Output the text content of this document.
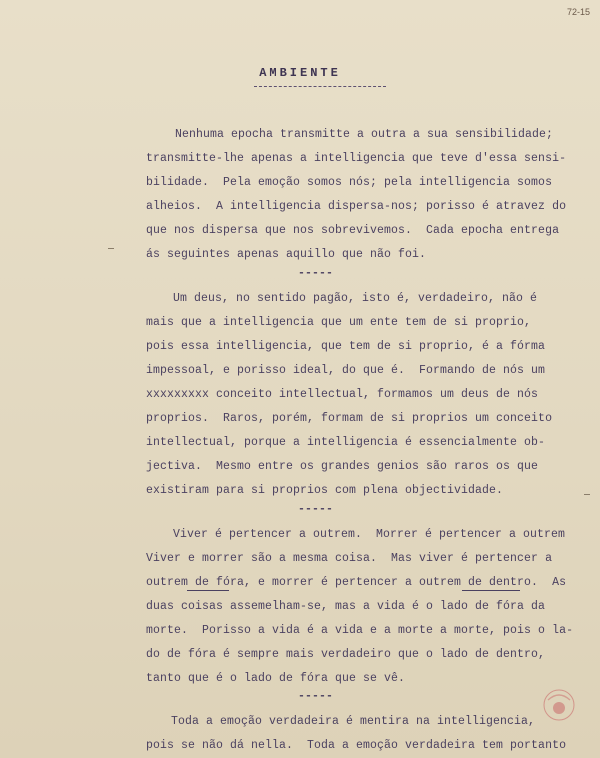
72-15
AMBIENTE
Nenhuma epocha transmitte a outra a sua sensibilidade;
transmitte-lhe apenas a intelligencia que teve d'essa sensi-
bilidade.  Pela emoção somos nós; pela intelligencia somos
alheios.  A intelligencia dispersa-nos; porisso é atravez do
que nos dispersa que nos sobrevivemos.  Cada epocha entrega
ás seguintes apenas aquillo que não foi.
-----
Um deus, no sentido pagão, isto é, verdadeiro, não é
mais que a intelligencia que um ente tem de si proprio,
pois essa intelligencia, que tem de si proprio, é a fórma
impessoal, e porisso ideal, do que é.  Formando de nós um
xxxxxxxxx conceito intellectual, formamos um deus de nós
proprios.  Raros, porém, formam de si proprios um conceito
intellectual, porque a intelligencia é essencialmente ob-
jectiva.  Mesmo entre os grandes genios são raros os que
existiram para si proprios com plena objectividade.
-----
Viver é pertencer a outrem.  Morrer é pertencer a outrem
Viver e morrer são a mesma coisa.  Mas viver é pertencer a
outrem de fóra, e morrer é pertencer a outrem de dentro.  As
duas coisas assemelham-se, mas a vida é o lado de fóra da
morte.  Porisso a vida é a vida e a morte a morte, pois o la-
do de fóra é sempre mais verdadeiro que o lado de dentro,
tanto que é o lado de fóra que se vê.
-----
Toda a emoção verdadeira é mentira na intelligencia,
pois se não dá nella.  Toda a emoção verdadeira tem portanto
